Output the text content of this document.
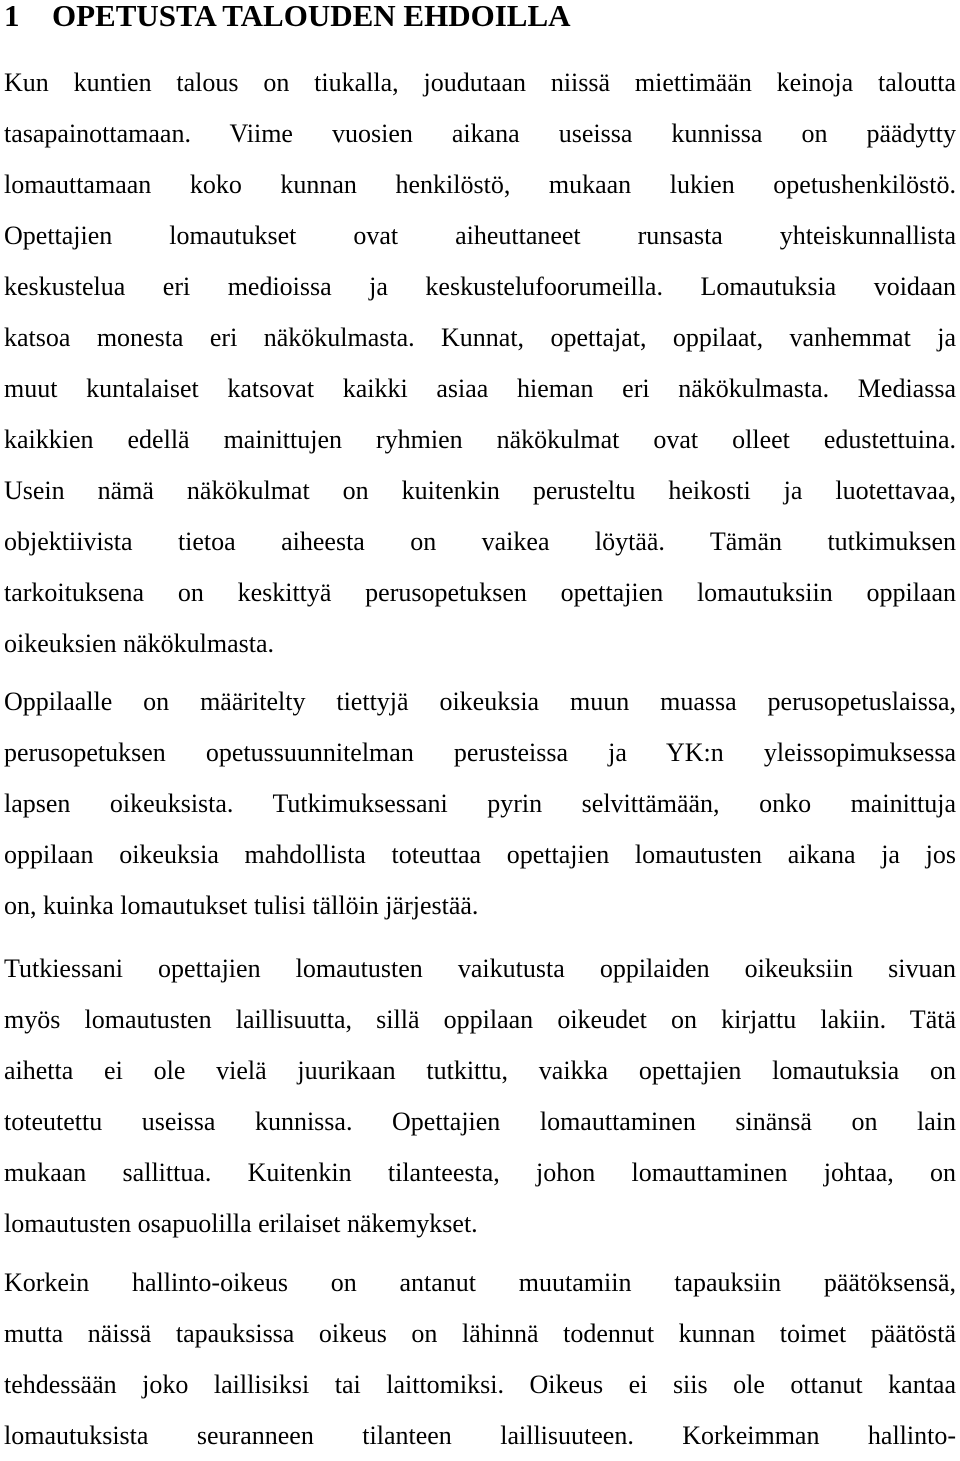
1 OPETUSTA TALOUDEN EHDOILLA
Kun kuntien talous on tiukalla, joudutaan niissä miettimään keinoja taloutta
tasapainottamaan. Viime vuosien aikana useissa kunnissa on päädytty
lomauttamaan koko kunnan henkilöstö, mukaan lukien opetushenkilöstö.
Opettajien lomautukset ovat aiheuttaneet runsasta yhteiskunnallista
keskustelua eri medioissa ja keskustelufoorumeilla. Lomautuksia voidaan
katsoa monesta eri näkökulmasta. Kunnat, opettajat, oppilaat, vanhemmat ja
muut kuntalaiset katsovat kaikki asiaa hieman eri näkökulmasta. Mediassa
kaikkien edellä mainittujen ryhmien näkökulmat ovat olleet edustettuina.
Usein nämä näkökulmat on kuitenkin perusteltu heikosti ja luotettavaa,
objektiivista tietoa aiheesta on vaikea löytää. Tämän tutkimuksen
tarkoituksena on keskittyä perusopetuksen opettajien lomautuksiin oppilaan
oikeuksien näkökulmasta.
Oppilaalle on määritelty tiettyjä oikeuksia muun muassa perusopetuslaissa,
perusopetuksen opetussuunnitelman perusteissa ja YK:n yleissopimuksessa
lapsen oikeuksista. Tutkimuksessani pyrin selvittämään, onko mainittuja
oppilaan oikeuksia mahdollista toteuttaa opettajien lomautusten aikana ja jos
on, kuinka lomautukset tulisi tällöin järjestää.
Tutkiessani opettajien lomautusten vaikutusta oppilaiden oikeuksiin sivuan
myös lomautusten laillisuutta, sillä oppilaan oikeudet on kirjattu lakiin. Tätä
aihetta ei ole vielä juurikaan tutkittu, vaikka opettajien lomautuksia on
toteutettu useissa kunnissa. Opettajien lomauttaminen sinänsä on lain
mukaan sallittua. Kuitenkin tilanteesta, johon lomauttaminen johtaa, on
lomautusten osapuolilla erilaiset näkemykset.
Korkein hallinto-oikeus on antanut muutamiin tapauksiin päätöksensä,
mutta näissä tapauksissa oikeus on lähinnä todennut kunnan toimet päätöstä
tehdessään joko laillisiksi tai laittomiksi. Oikeus ei siis ole ottanut kantaa
lomautuksista seuranneen tilanteen laillisuuteen. Korkeimman hallinto-
